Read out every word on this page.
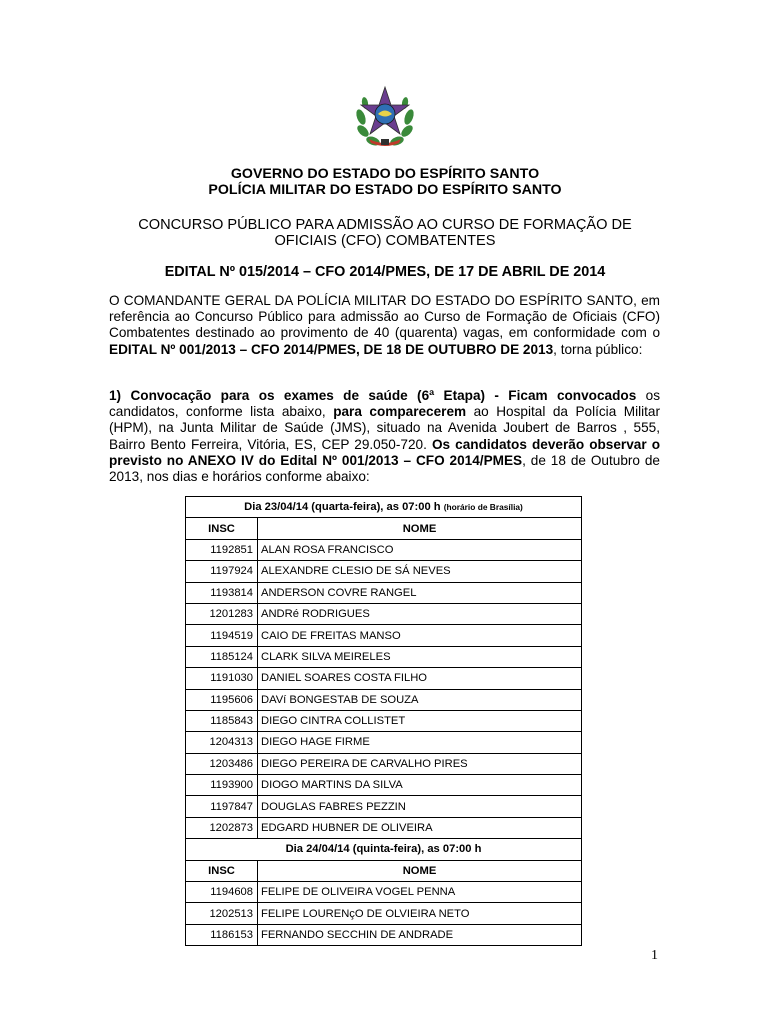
GOVERNO DO ESTADO DO ESPÍRITO SANTO
POLÍCIA MILITAR DO ESTADO DO ESPÍRITO SANTO
CONCURSO PÚBLICO PARA ADMISSÃO AO CURSO DE FORMAÇÃO DE
OFICIAIS (CFO) COMBATENTES
EDITAL Nº 015/2014 – CFO 2014/PMES, DE 17 DE ABRIL DE 2014
O COMANDANTE GERAL DA POLÍCIA MILITAR DO ESTADO DO ESPÍRITO SANTO, em referência ao Concurso Público para admissão ao Curso de Formação de Oficiais (CFO) Combatentes destinado ao provimento de 40 (quarenta) vagas, em conformidade com o EDITAL Nº 001/2013 – CFO 2014/PMES, DE 18 DE OUTUBRO DE 2013, torna público:
1) Convocação para os exames de saúde (6ª Etapa) - Ficam convocados os candidatos, conforme lista abaixo, para comparecerem ao Hospital da Polícia Militar (HPM), na Junta Militar de Saúde (JMS), situado na Avenida Joubert de Barros , 555, Bairro Bento Ferreira, Vitória, ES, CEP 29.050-720. Os candidatos deverão observar o previsto no ANEXO IV do Edital Nº 001/2013 – CFO 2014/PMES, de 18 de Outubro de 2013, nos dias e horários conforme abaixo:
Dia 23/04/14 (quarta-feira), as 07:00 h (horário de Brasília)	
INSC	NOME
1192851	ALAN ROSA FRANCISCO
1197924	ALEXANDRE CLESIO DE SÁ NEVES
1193814	ANDERSON COVRE RANGEL
1201283	ANDRé RODRIGUES
1194519	CAIO DE FREITAS MANSO
1185124	CLARK SILVA MEIRELES
1191030	DANIEL SOARES COSTA FILHO
1195606	DAVí BONGESTAB DE SOUZA
1185843	DIEGO CINTRA COLLISTET
1204313	DIEGO HAGE FIRME
1203486	DIEGO PEREIRA DE CARVALHO PIRES
1193900	DIOGO MARTINS DA SILVA
1197847	DOUGLAS FABRES PEZZIN
1202873	EDGARD HUBNER DE OLIVEIRA
Dia 24/04/14 (quinta-feira), as 07:00 h	
INSC	NOME
1194608	FELIPE DE OLIVEIRA VOGEL PENNA
1202513	FELIPE LOURENçO DE OLVIEIRA NETO
1186153	FERNANDO SECCHIN DE ANDRADE
1
